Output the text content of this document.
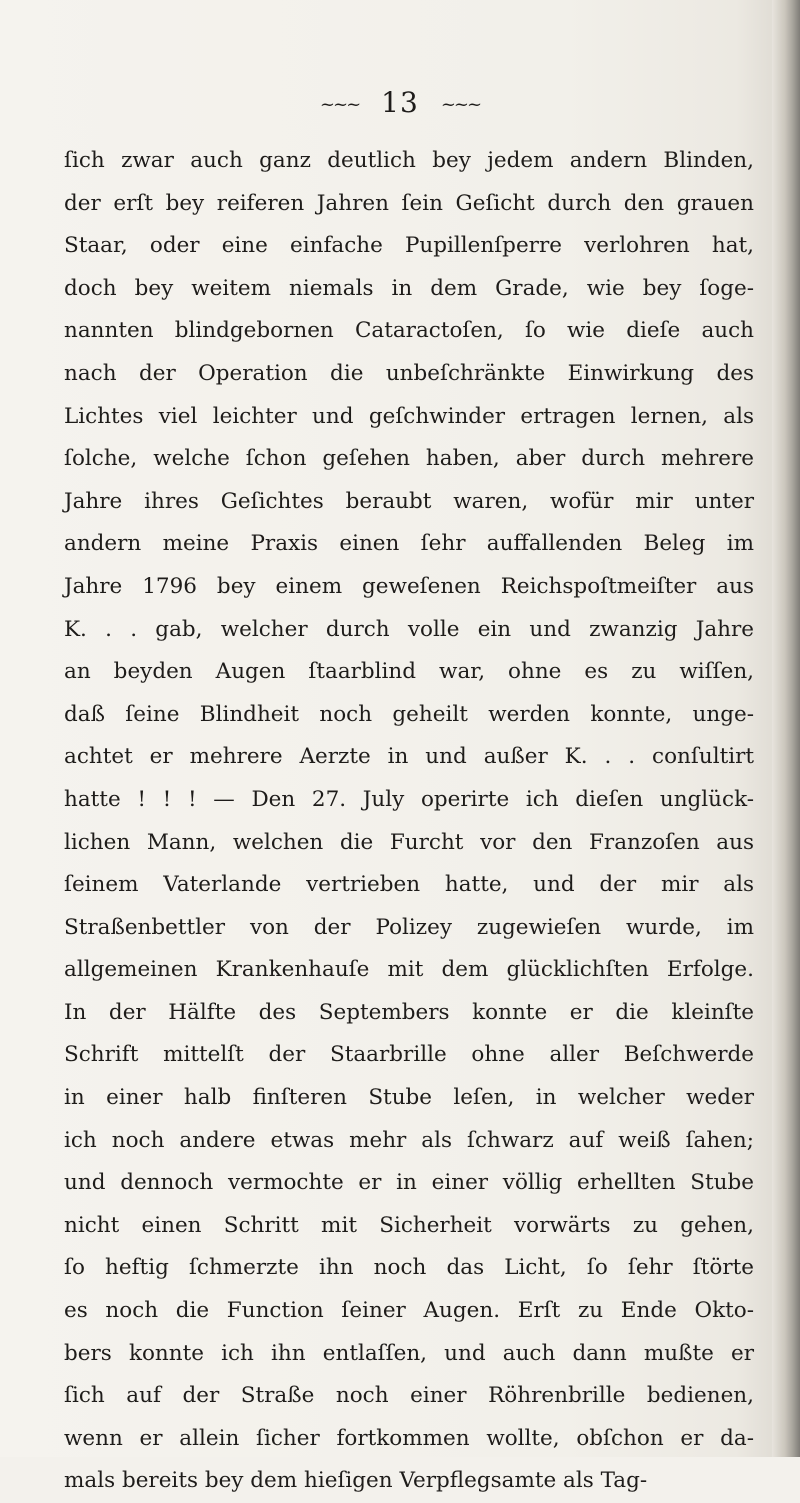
~~~ 13 ~~~
ſich zwar auch ganz deutlich bey jedem andern Blinden,
der erſt bey reiferen Jahren ſein Geſicht durch den grauen
Staar, oder eine einfache Pupillenſperre verlohren hat,
doch bey weitem niemals in dem Grade, wie bey ſoge-
nannten blindgebornen Cataractoſen, ſo wie dieſe auch
nach der Operation die unbeſchränkte Einwirkung des
Lichtes viel leichter und geſchwinder ertragen lernen, als
ſolche, welche ſchon geſehen haben, aber durch mehrere
Jahre ihres Geſichtes beraubt waren, wofür mir unter
andern meine Praxis einen ſehr auffallenden Beleg im
Jahre 1796 bey einem geweſenen Reichspoſtmeiſter aus
K. . . gab, welcher durch volle ein und zwanzig Jahre
an beyden Augen ſtaarblind war, ohne es zu wiſſen,
daß ſeine Blindheit noch geheilt werden konnte, unge-
achtet er mehrere Aerzte in und außer K. . . conſultirt
hatte ! ! ! — Den 27. July operirte ich dieſen unglück-
lichen Mann, welchen die Furcht vor den Franzoſen aus
ſeinem Vaterlande vertrieben hatte, und der mir als
Straßenbettler von der Polizey zugewieſen wurde, im
allgemeinen Krankenhauſe mit dem glücklichſten Erfolge.
In der Hälfte des Septembers konnte er die kleinſte
Schrift mittelſt der Staarbrille ohne aller Beſchwerde
in einer halb finſteren Stube leſen, in welcher weder
ich noch andere etwas mehr als ſchwarz auf weiß ſahen;
und dennoch vermochte er in einer völlig erhellten Stube
nicht einen Schritt mit Sicherheit vorwärts zu gehen,
ſo heftig ſchmerzte ihn noch das Licht, ſo ſehr ſtörte
es noch die Function ſeiner Augen. Erſt zu Ende Okto-
bers konnte ich ihn entlaſſen, und auch dann mußte er
ſich auf der Straße noch einer Röhrenbrille bedienen,
wenn er allein ſicher fortkommen wollte, obſchon er da-
mals bereits bey dem hieſigen Verpflegsamte als Tag-
